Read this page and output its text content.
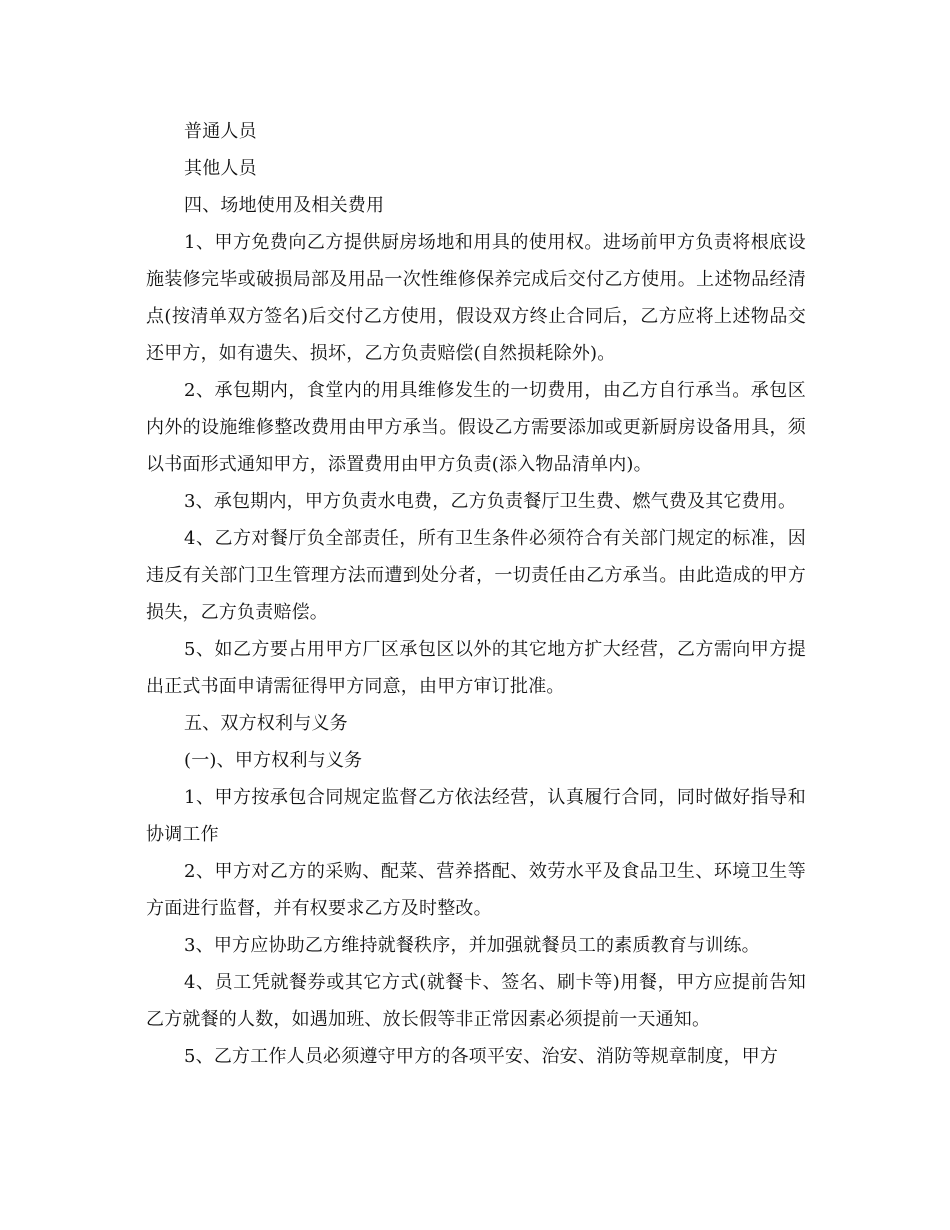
普通人员

其他人员

四、场地使用及相关费用

1、甲方免费向乙方提供厨房场地和用具的使用权。进场前甲方负责将根底设施装修完毕或破损局部及用品一次性维修保养完成后交付乙方使用。上述物品经清点(按清单双方签名)后交付乙方使用，假设双方终止合同后，乙方应将上述物品交还甲方，如有遗失、损坏，乙方负责赔偿(自然损耗除外)。

2、承包期内，食堂内的用具维修发生的一切费用，由乙方自行承当。承包区内外的设施维修整改费用由甲方承当。假设乙方需要添加或更新厨房设备用具，须以书面形式通知甲方，添置费用由甲方负责(添入物品清单内)。

3、承包期内，甲方负责水电费，乙方负责餐厅卫生费、燃气费及其它费用。

4、乙方对餐厅负全部责任，所有卫生条件必须符合有关部门规定的标准，因违反有关部门卫生管理方法而遭到处分者，一切责任由乙方承当。由此造成的甲方损失，乙方负责赔偿。

5、如乙方要占用甲方厂区承包区以外的其它地方扩大经营，乙方需向甲方提出正式书面申请需征得甲方同意，由甲方审订批准。

五、双方权利与义务

(一)、甲方权利与义务

1、甲方按承包合同规定监督乙方依法经营，认真履行合同，同时做好指导和协调工作

2、甲方对乙方的采购、配菜、营养搭配、效劳水平及食品卫生、环境卫生等方面进行监督，并有权要求乙方及时整改。

3、甲方应协助乙方维持就餐秩序，并加强就餐员工的素质教育与训练。

4、员工凭就餐券或其它方式(就餐卡、签名、刷卡等)用餐，甲方应提前告知乙方就餐的人数，如遇加班、放长假等非正常因素必须提前一天通知。

5、乙方工作人员必须遵守甲方的各项平安、治安、消防等规章制度，甲方
